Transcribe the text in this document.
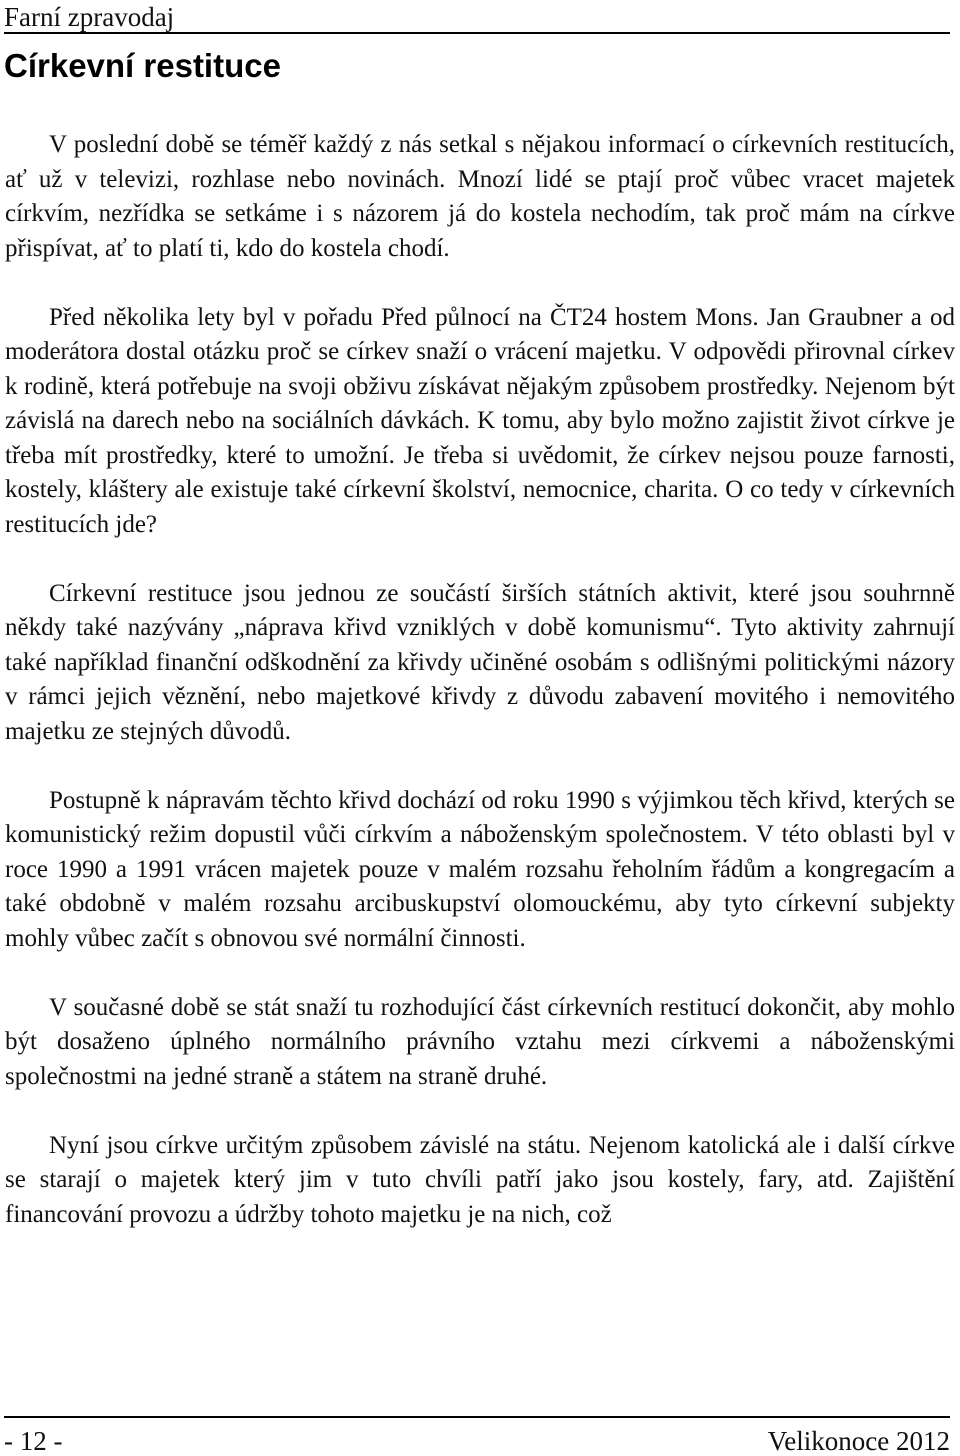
Farní zpravodaj
Církevní restituce

V poslední době se téměř každý z nás setkal s nějakou informací o církevních restitucích, ať už v televizi, rozhlase nebo novinách. Mnozí lidé se ptají proč vůbec vracet majetek církvím, nezřídka se setkáme i s názorem já do kostela nechodím, tak proč mám na církve přispívat, ať to platí ti, kdo do kostela chodí.

Před několika lety byl v pořadu Před půlnocí na ČT24 hostem Mons. Jan Graubner a od moderátora dostal otázku proč se církev snaží o vrácení majetku. V odpovědi přirovnal církev k rodině, která potřebuje na svoji obživu získávat nějakým způsobem prostředky. Nejenom být závislá na darech nebo na sociálních dávkách. K tomu, aby bylo možno zajistit život církve je třeba mít prostředky, které to umožní. Je třeba si uvědomit, že církev nejsou pouze farnosti, kostely, kláštery ale existuje také církevní školství, nemocnice, charita. O co tedy v církevních restitucích jde?

Církevní restituce jsou jednou ze součástí širších státních aktivit, které jsou souhrnně někdy také nazývány „náprava křivd vzniklých v době komunismu“. Tyto aktivity zahrnují také například finanční odškodnění za křivdy učiněné osobám s odlišnými politickými názory v rámci jejich věznění, nebo majetkové křivdy z důvodu zabavení movitého i nemovitého majetku ze stejných důvodů.

Postupně k nápravám těchto křivd dochází od roku 1990 s výjimkou těch křivd, kterých se komunistický režim dopustil vůči církvím a náboženským společnostem. V této oblasti byl v roce 1990 a 1991 vrácen majetek pouze v malém rozsahu řeholním řádům a kongregacím a také obdobně v malém rozsahu arcibuskupství olomouckému, aby tyto církevní subjekty mohly vůbec začít s obnovou své normální činnosti.

V současné době se stát snaží tu rozhodující část církevních restitucí dokončit, aby mohlo být dosaženo úplného normálního právního vztahu mezi církvemi a náboženskými společnostmi na jedné straně a státem na straně druhé.

Nyní jsou církve určitým způsobem závislé na státu. Nejenom katolická ale i další církve se starají o majetek který jim v tuto chvíli patří jako jsou kostely, fary, atd. Zajištění financování provozu a údržby tohoto majetku je na nich, což

- 12 -	Velikonoce 2012
